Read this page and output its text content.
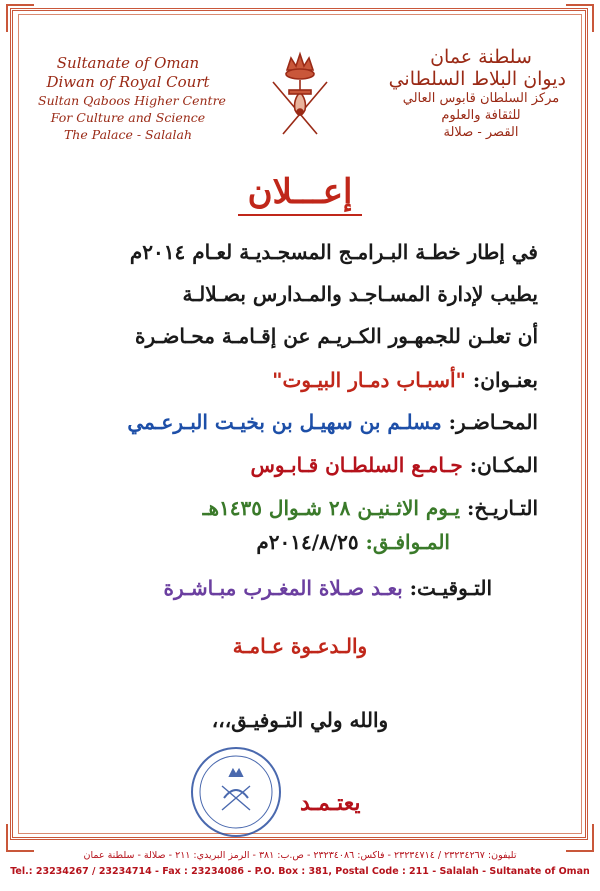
Sultanate of Oman
Diwan of Royal Court
Sultan Qaboos Higher Centre
For Culture and Science
The Palace - Salalah
سلطنة عمان
ديوان البلاط السلطاني
مركز السلطان قابوس العالي
للثقافة والعلوم
القصر - صلالة
إعـــلان
في إطار خطـة البـرامـج المسجـديـة لعـام ٢٠١٤م
يطيب لإدارة المسـاجـد والمـدارس بصـلالـة
أن تعلـن للجمهـور الكـريـم عن إقـامـة محـاضـرة
بعنـوان: "أسبـاب دمـار البيـوت"
المحـاضـر: مسلـم بن سهيـل بن بخيـت البـرعـمي
المكـان: جـامـع السلطـان قـابـوس
التـاريـخ: يـوم الاثـنيـن ٢٨ شـوال ١٤٣٥هـ
المـوافـق: ٢٠١٤/٨/٢٥م
التـوقيـت: بعـد صـلاة المغـرب مبـاشـرة
والـدعـوة عـامـة
والله ولي التـوفيـق،،،
يعتـمـد
تليفون: ٢٣٢٣٤٢٦٧ / ٢٣٢٣٤٧١٤ - فاكس: ٢٣٢٣٤٠٨٦ - ص.ب: ٣٨١ - الرمز البريدي: ٢١١ - صلالة - سلطنة عمان
Tel.: 23234267 / 23234714 - Fax : 23234086 - P.O. Box : 381, Postal Code : 211 - Salalah - Sultanate of Oman
